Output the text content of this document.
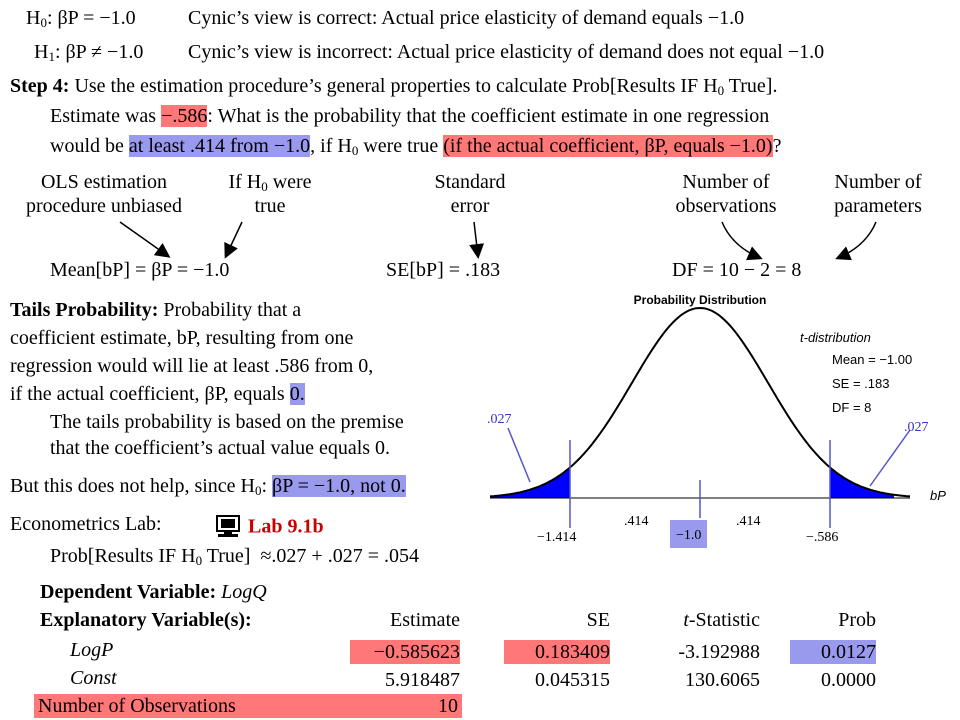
$H_0$: βP = −1.0	Cynic’s view is correct: Actual price elasticity of demand equals −1.0
$H_1$: βP ≠ −1.0 Cynic’s view is incorrect: Actual price elasticity of demand does not equal −1.0
Step 4: Use the estimation procedure’s general properties to calculate Prob[Results IF $H_0$ True].
Estimate was −.586: What is the probability that the coefficient estimate in one regression
would be at least .414 from −1.0, if $H_0$ were true (if the actual coefficient, βP, equals −1.0)?
OLS estimation
procedure unbiased
If $H_0$ were
true
Standard
error
Number of
observations
Number of
parameters
Mean[bP] = βP = −1.0	SE[bP] = .183	DF = 10 − 2 = 8
Tails Probability: Probability that a
coefficient estimate, bP, resulting from one
regression would will lie at least .586 from 0,
if the actual coefficient, βP, equals 0.
The tails probability is based on the premise
that the coefficient’s actual value equals 0.
But this does not help, since $H_0$: βP = −1.0, not 0.
Econometrics Lab:	Lab 9.1b
Prob[Results IF $H_0$ True] ≈.027 + .027 = .054
Probability Distribution
.027
.027
t-distribution
Mean = −1.00
SE = .183
DF = 8
bP
.414	.414
−1.414	−1.0	−.586
Dependent Variable: LogQ
Explanatory Variable(s):	Estimate	SE	t-Statistic	Prob
LogP	−0.585623	0.183409	-3.192988	0.0127
Const	5.918487	0.045315	130.6065	0.0000
Number of Observations	10
